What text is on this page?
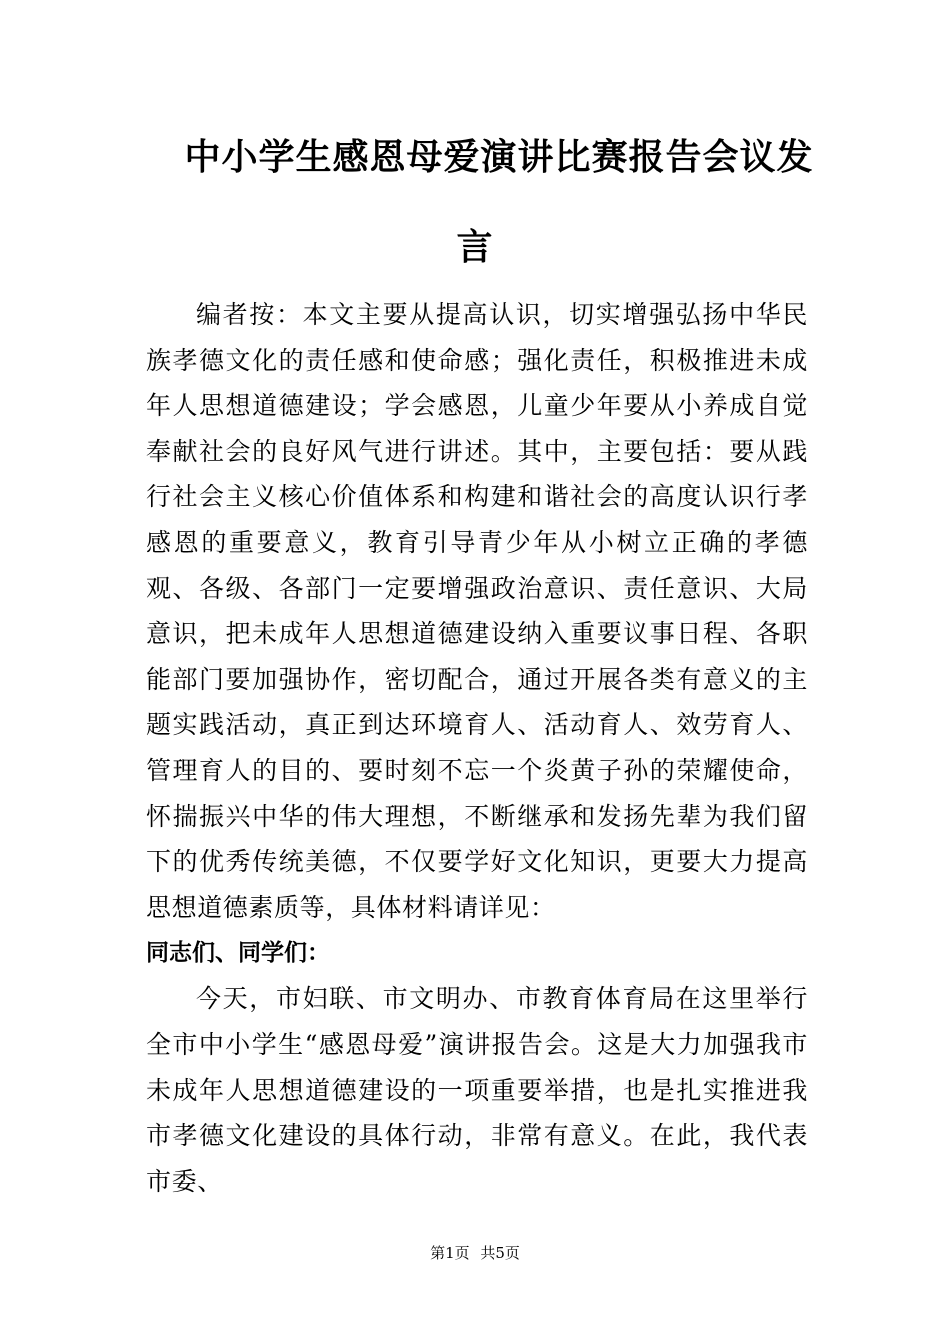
中小学生感恩母爱演讲比赛报告会议发
言

编者按：本文主要从提高认识，切实增强弘扬中华民族孝德文化的责任感和使命感；强化责任，积极推进未成年人思想道德建设；学会感恩，儿童少年要从小养成自觉奉献社会的良好风气进行讲述。其中，主要包括：要从践行社会主义核心价值体系和构建和谐社会的高度认识行孝感恩的重要意义，教育引导青少年从小树立正确的孝德观、各级、各部门一定要增强政治意识、责任意识、大局意识，把未成年人思想道德建设纳入重要议事日程、各职能部门要加强协作，密切配合，通过开展各类有意义的主题实践活动，真正到达环境育人、活动育人、效劳育人、管理育人的目的、要时刻不忘一个炎黄子孙的荣耀使命，怀揣振兴中华的伟大理想，不断继承和发扬先辈为我们留下的优秀传统美德，不仅要学好文化知识，更要大力提高思想道德素质等，具体材料请详见：

同志们、同学们：

今天，市妇联、市文明办、市教育体育局在这里举行全市中小学生“感恩母爱”演讲报告会。这是大力加强我市未成年人思想道德建设的一项重要举措，也是扎实推进我市孝德文化建设的具体行动，非常有意义。在此，我代表市委、

第1页 共5页
